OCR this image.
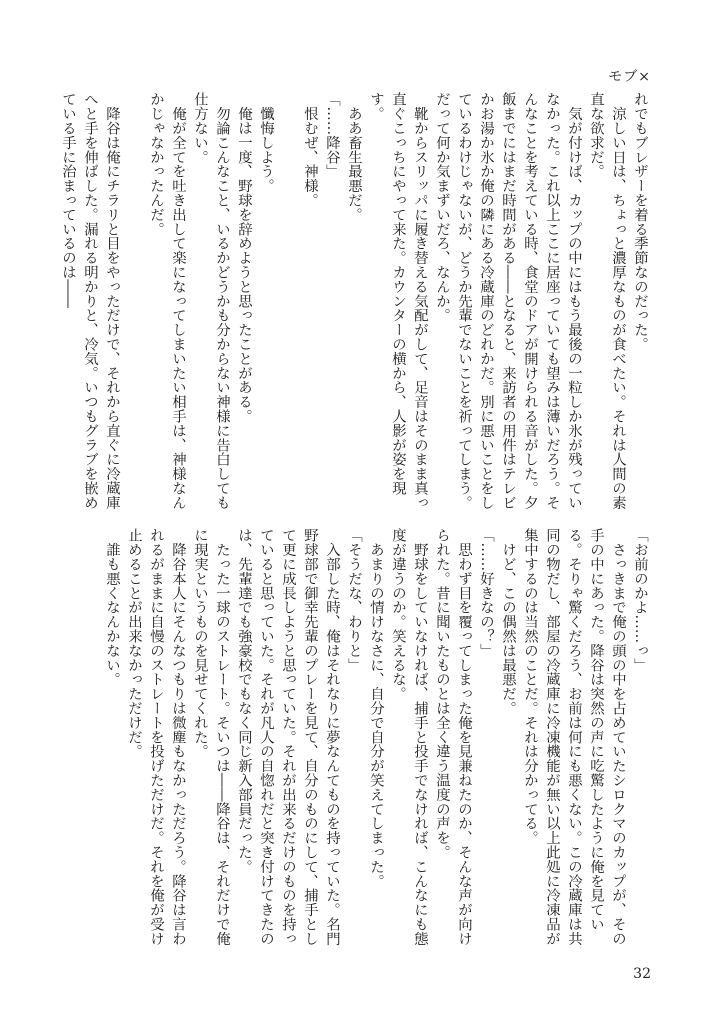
モブ×

れでもブレザーを着る季節なのだった。

　涼しい日は、ちょっと濃厚なものが食べたい。それは人間の素直な欲求だ。

　気が付けば、カップの中にはもう最後の一粒しか氷が残っていなかった。これ以上ここに居座っていても望みは薄いだろう。そんなことを考えている時、食堂のドアが開けられる音がした。夕飯までにはまだ時間がある――となると、来訪者の用件はテレビかお湯か氷か俺の隣にある冷蔵庫のどれかだ。別に悪いことをしているわけじゃないが、どうか先輩でないことを祈ってしまう。だって何か気まずいだろ、なんか。

　靴からスリッパに履き替える気配がして、足音はそのまま真っ直ぐこっちにやって来た。カウンターの横から、人影が姿を現す。

　ああ畜生最悪だ。

「……降谷」

　恨むぜ、神様。

　懺悔しよう。

　俺は一度、野球を辞めようと思ったことがある。

　勿論こんなこと、いるかどうかも分からない神様に告白しても仕方ない。

　俺が全てを吐き出して楽になってしまいたい相手は、神様なんかじゃなかったんだ。

　降谷は俺にチラリと目をやっただけで、それから直ぐに冷蔵庫へと手を伸ばした。漏れる明かりと、冷気。いつもグラブを嵌めている手に治まっているのは――

「お前のかよ……っ」

　さっきまで俺の頭の中を占めていたシロクマのカップが、その手の中にあった。降谷は突然の声に吃驚したように俺を見ている。そりゃ驚くだろう、お前は何にも悪くない。この冷蔵庫は共同の物だし、部屋の冷蔵庫に冷凍機能が無い以上此処に冷凍品が集中するのは当然のことだ。それは分かってる。

　けど、この偶然は最悪だ。

「……好きなの？」

　思わず目を覆ってしまった俺を見兼ねたのか、そんな声が向けられた。昔に聞いたものとは全く違う温度の声を。

　野球をしていなければ、捕手と投手でなければ、こんなにも態度が違うのか。笑えるな。

　あまりの情けなさに、自分で自分が笑えてしまった。

「そうだな、わりと」

　入部した時、俺はそれなりに夢なんてものを持っていた。名門野球部で御幸先輩のプレーを見て、自分のものにして、捕手として更に成長しようと思っていた。それが出来るだけのものを持っていると思っていた。それが凡人の自惚れだと突き付けてきたのは、先輩達でも強豪校でもなく同じ新入部員だった。

　たった一球のストレート。そいつは――降谷は、それだけで俺に現実というものを見せてくれた。

　降谷本人にそんなつもりは微塵もなかっただろう。降谷は言われるがままに自慢のストレートを投げただけだ。それを俺が受け止めることが出来なかっただけだ。

　誰も悪くなんかない。

32
